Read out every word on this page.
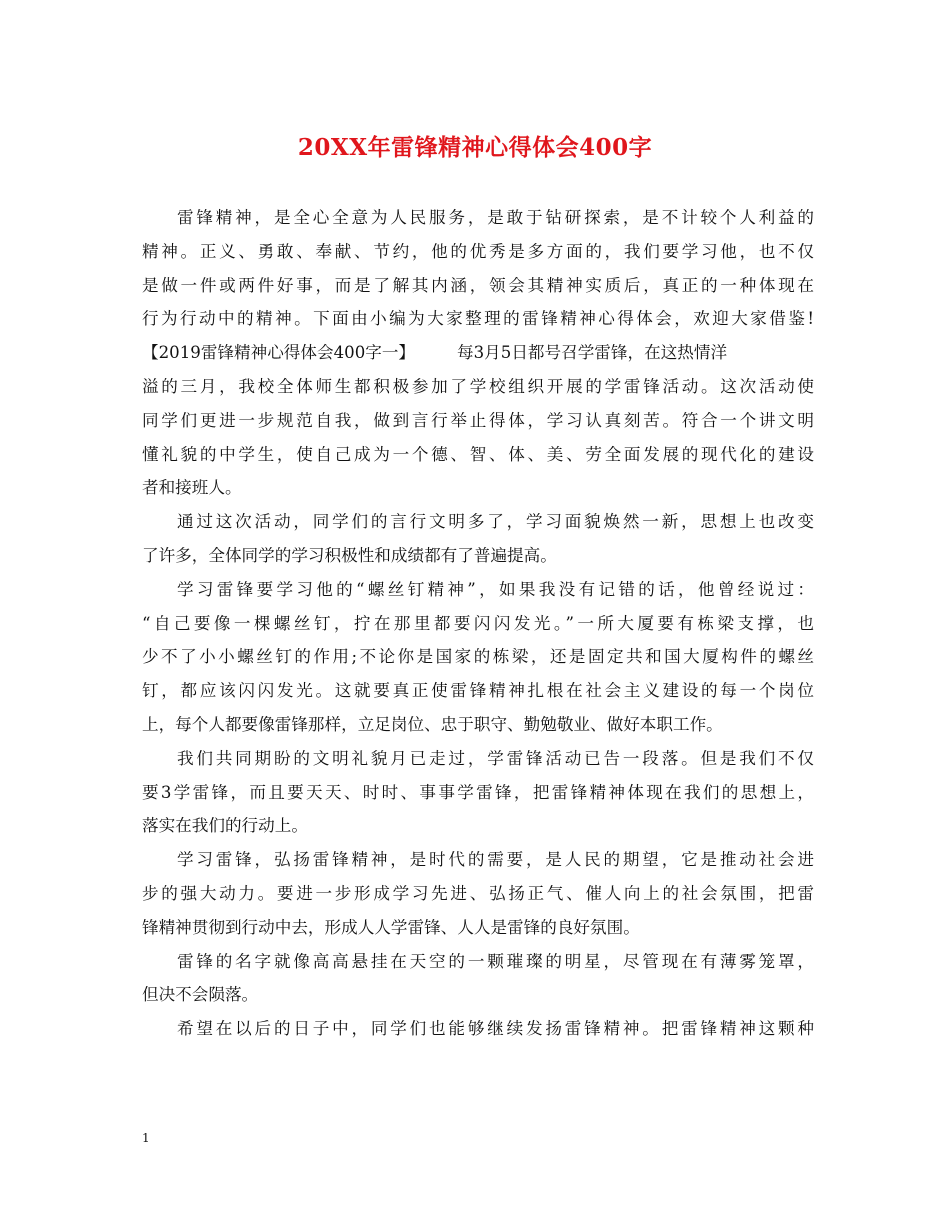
20XX年雷锋精神心得体会400字
雷锋精神，是全心全意为人民服务，是敢于钻研探索，是不计较个人利益的
精神。正义、勇敢、奉献、节约，他的优秀是多方面的，我们要学习他，也不仅
是做一件或两件好事，而是了解其内涵，领会其精神实质后，真正的一种体现在
行为行动中的精神。下面由小编为大家整理的雷锋精神心得体会，欢迎大家借鉴!
【2019雷锋精神心得体会400字一】	每3月5日都号召学雷锋，在这热情洋
溢的三月，我校全体师生都积极参加了学校组织开展的学雷锋活动。这次活动使
同学们更进一步规范自我，做到言行举止得体，学习认真刻苦。符合一个讲文明
懂礼貌的中学生，使自己成为一个德、智、体、美、劳全面发展的现代化的建设
者和接班人。
通过这次活动，同学们的言行文明多了，学习面貌焕然一新，思想上也改变
了许多，全体同学的学习积极性和成绩都有了普遍提高。
学习雷锋要学习他的“螺丝钉精神”，如果我没有记错的话，他曾经说过：
“自己要像一棵螺丝钉，拧在那里都要闪闪发光。”一所大厦要有栋梁支撑，也
少不了小小螺丝钉的作用;不论你是国家的栋梁，还是固定共和国大厦构件的螺丝
钉，都应该闪闪发光。这就要真正使雷锋精神扎根在社会主义建设的每一个岗位
上，每个人都要像雷锋那样，立足岗位、忠于职守、勤勉敬业、做好本职工作。
我们共同期盼的文明礼貌月已走过，学雷锋活动已告一段落。但是我们不仅
要3学雷锋，而且要天天、时时、事事学雷锋，把雷锋精神体现在我们的思想上，
落实在我们的行动上。
学习雷锋，弘扬雷锋精神，是时代的需要，是人民的期望，它是推动社会进
步的强大动力。要进一步形成学习先进、弘扬正气、催人向上的社会氛围，把雷
锋精神贯彻到行动中去，形成人人学雷锋、人人是雷锋的良好氛围。
雷锋的名字就像高高悬挂在天空的一颗璀璨的明星，尽管现在有薄雾笼罩，
但决不会陨落。
希望在以后的日子中，同学们也能够继续发扬雷锋精神。把雷锋精神这颗种
1
